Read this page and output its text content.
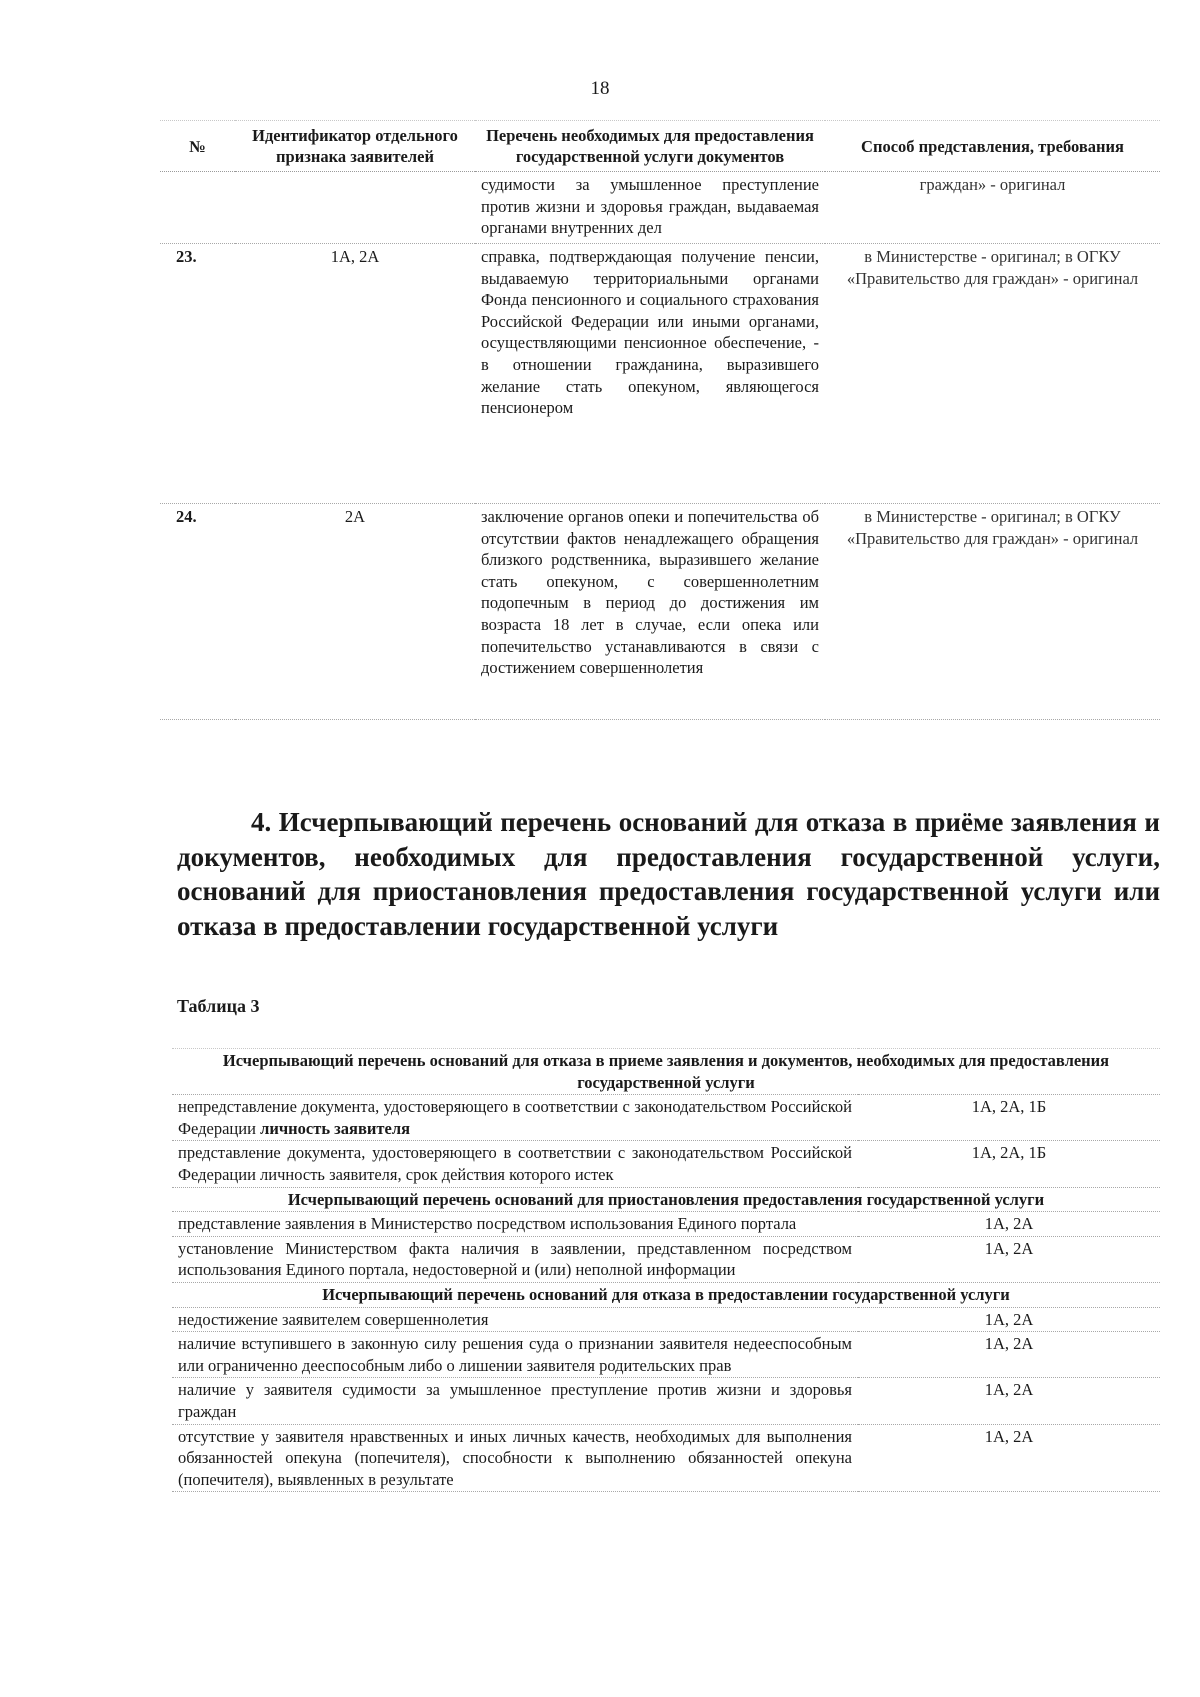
18
№	Идентификатор отдельного признака заявителей	Перечень необходимых для предоставления государственной услуги документов	Способ представления, требования
		судимости за умышленное преступление против жизни и здоровья граждан, выдаваемая органами внутренних дел	граждан» - оригинал
23.	1А, 2А	справка, подтверждающая получение пенсии, выдаваемую территориальными органами Фонда пенсионного и социального страхования Российской Федерации или иными органами, осуществляющими пенсионное обеспечение, - в отношении гражданина, выразившего желание стать опекуном, являющегося пенсионером	в Министерстве - оригинал; в ОГКУ «Правительство для граждан» - оригинал
24.	2А	заключение органов опеки и попечительства об отсутствии фактов ненадлежащего обращения близкого родственника, выразившего желание стать опекуном, с совершеннолетним подопечным в период до достижения им возраста 18 лет в случае, если опека или попечительство устанавливаются в связи с достижением совершеннолетия	в Министерстве - оригинал; в ОГКУ «Правительство для граждан» - оригинал
4. Исчерпывающий перечень оснований для отказа в приёме заявления и документов, необходимых для предоставления государственной услуги, оснований для приостановления предоставления государственной услуги или отказа в предоставлении государственной услуги

Таблица 3

Исчерпывающий перечень оснований для отказа в приеме заявления и документов, необходимых для предоставления государственной услуги	
непредставление документа, удостоверяющего в соответствии с законодательством Российской Федерации личность заявителя	1А, 2А, 1Б
представление документа, удостоверяющего в соответствии с законодательством Российской Федерации личность заявителя, срок действия которого истек	1А, 2А, 1Б
Исчерпывающий перечень оснований для приостановления предоставления государственной услуги	
представление заявления в Министерство посредством использования Единого портала	1А, 2А
установление Министерством факта наличия в заявлении, представленном посредством использования Единого портала, недостоверной и (или) неполной информации	1А, 2А
Исчерпывающий перечень оснований для отказа в предоставлении государственной услуги	
недостижение заявителем совершеннолетия	1А, 2А
наличие вступившего в законную силу решения суда о признании заявителя недееспособным или ограниченно дееспособным либо о лишении заявителя родительских прав	1А, 2А
наличие у заявителя судимости за умышленное преступление против жизни и здоровья граждан	1А, 2А
отсутствие у заявителя нравственных и иных личных качеств, необходимых для выполнения обязанностей опекуна (попечителя), способности к выполнению обязанностей опекуна (попечителя), выявленных в результате	1А, 2А
